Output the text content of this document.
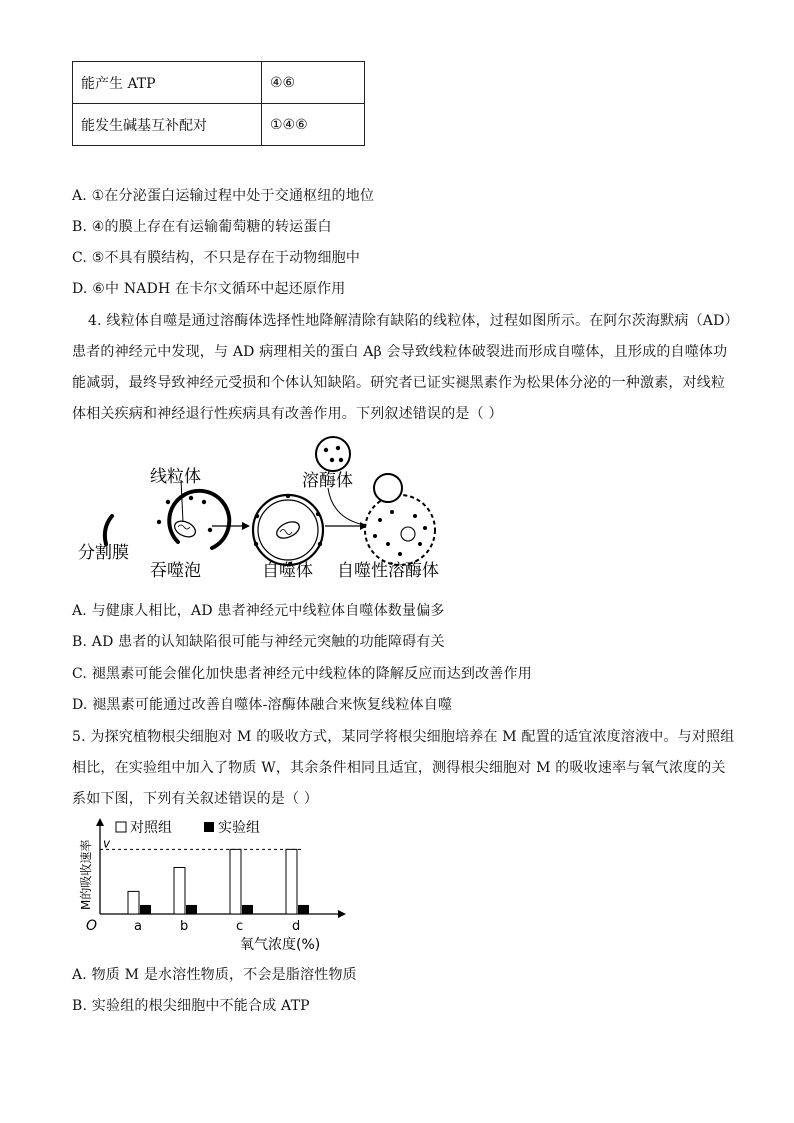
能产生 ATP	④⑥
能发生碱基互补配对	①④⑥
A. ①在分泌蛋白运输过程中处于交通枢纽的地位
B. ④的膜上存在有运输葡萄糖的转运蛋白
C. ⑤不具有膜结构，不只是存在于动物细胞中
D. ⑥中 NADH 在卡尔文循环中起还原作用
4. 线粒体自噬是通过溶酶体选择性地降解清除有缺陷的线粒体，过程如图所示。在阿尔茨海默病（AD）
患者的神经元中发现，与 AD 病理相关的蛋白 Aβ 会导致线粒体破裂进而形成自噬体，且形成的自噬体功
能减弱，最终导致神经元受损和个体认知缺陷。研究者已证实褪黑素作为松果体分泌的一种激素，对线粒
体相关疾病和神经退行性疾病具有改善作用。下列叙述错误的是（ ）
分割膜
线粒体
吞噬泡	自噬体
溶酶体
自噬性溶酶体
A. 与健康人相比，AD 患者神经元中线粒体自噬体数量偏多
B. AD 患者的认知缺陷很可能与神经元突触的功能障碍有关
C. 褪黑素可能会催化加快患者神经元中线粒体的降解反应而达到改善作用
D. 褪黑素可能通过改善自噬体-溶酶体融合来恢复线粒体自噬
5. 为探究植物根尖细胞对 M 的吸收方式，某同学将根尖细胞培养在 M 配置的适宜浓度溶液中。与对照组
相比，在实验组中加入了物质 W，其余条件相同且适宜，测得根尖细胞对 M 的吸收速率与氧气浓度的关
系如下图，下列有关叙述错误的是（ ）
O
M的吸收速率 v
对照组	实验组
a	b	c	d
氧气浓度(%)
A. 物质 M 是水溶性物质，不会是脂溶性物质
B. 实验组的根尖细胞中不能合成 ATP
